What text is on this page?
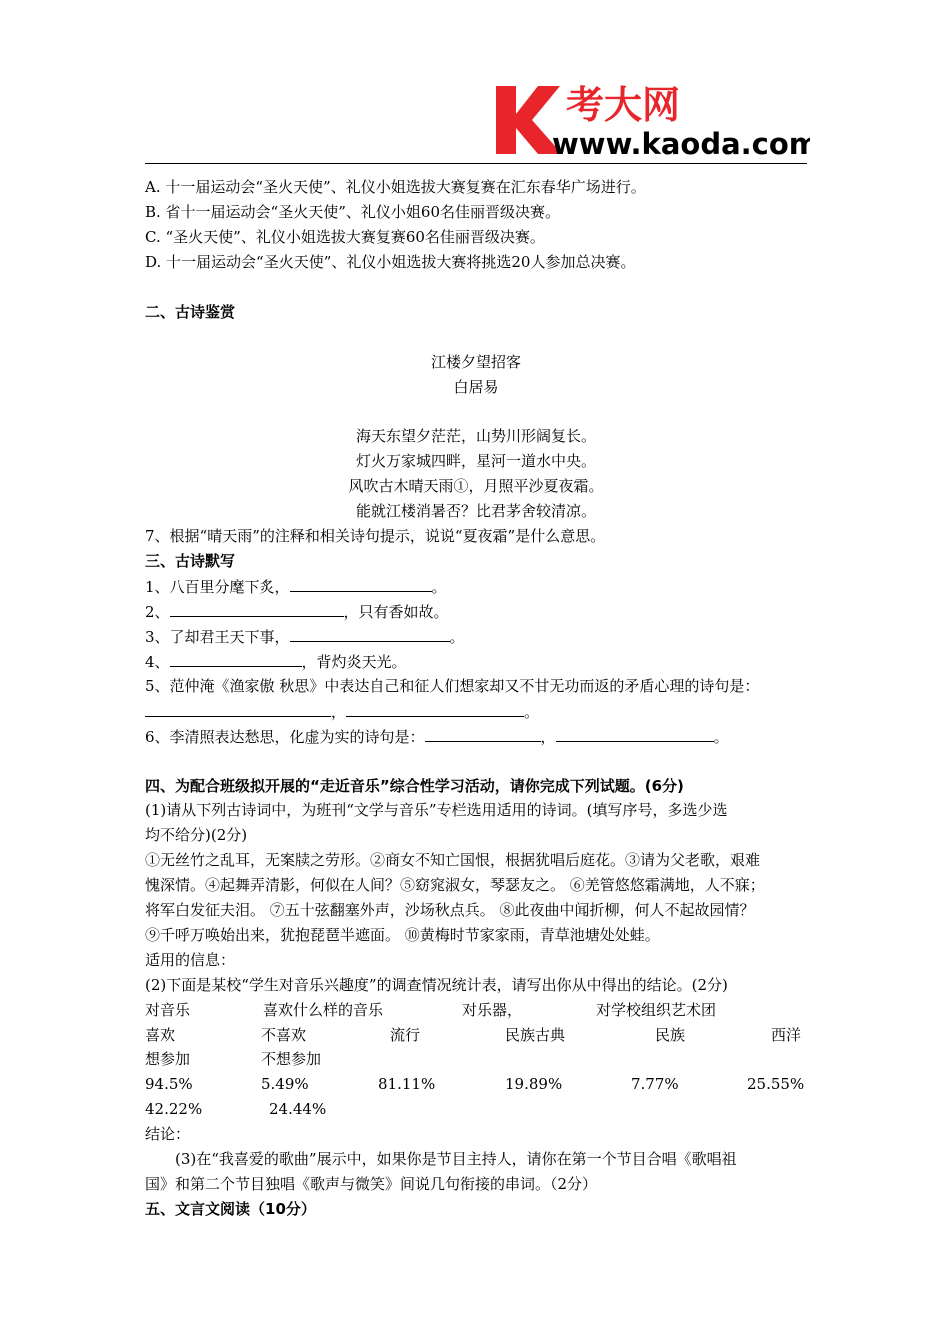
考大网
www.kaoda.com
A. 十一届运动会“圣火天使”、礼仪小姐选拔大赛复赛在汇东春华广场进行。
B. 省十一届运动会“圣火天使”、礼仪小姐60名佳丽晋级决赛。
C. “圣火天使”、礼仪小姐选拔大赛复赛60名佳丽晋级决赛。
D. 十一届运动会“圣火天使”、礼仪小姐选拔大赛将挑选20人参加总决赛。
二、古诗鉴赏
江楼夕望招客
白居易
海天东望夕茫茫，山势川形阔复长。
灯火万家城四畔，星河一道水中央。
风吹古木晴天雨①，月照平沙夏夜霜。
能就江楼消暑否？比君茅舍较清凉。
7、根据“晴天雨”的注释和相关诗句提示，说说“夏夜霜”是什么意思。
三、古诗默写
1、八百里分麾下炙，	。
2、	，只有香如故。
3、了却君王天下事，	。
4、	，背灼炎天光。
5、范仲淹《渔家傲 秋思》中表达自己和征人们想家却又不甘无功而返的矛盾心理的诗句是：
，	。
6、李清照表达愁思，化虚为实的诗句是：	，	。
四、为配合班级拟开展的“走近音乐”综合性学习活动，请你完成下列试题。(6分)
(1)请从下列古诗词中，为班刊“文学与音乐”专栏选用适用的诗词。(填写序号，多选少选
均不给分)(2分)
①无丝竹之乱耳，无案牍之劳形。②商女不知亡国恨，根据犹唱后庭花。③请为父老歌，艰难
愧深情。④起舞弄清影，何似在人间？⑤窈窕淑女，琴瑟友之。 ⑥羌管悠悠霜满地，人不寐；
将军白发征夫泪。 ⑦五十弦翻塞外声，沙场秋点兵。 ⑧此夜曲中闻折柳，何人不起故园情？
⑨千呼万唤始出来，犹抱琵琶半遮面。 ⑩黄梅时节家家雨，青草池塘处处蛙。
适用的信息：
(2)下面是某校“学生对音乐兴趣度”的调查情况统计表，请写出你从中得出的结论。(2分)
对音乐	喜欢什么样的音乐	对乐器，	对学校组织艺术团
喜欢	不喜欢	流行	民族古典	民族	西洋
想参加	不想参加
94.5%	5.49%	81.11%	19.89%	7.77%	25.55%
42.22%	24.44%
结论：
(3)在“我喜爱的歌曲”展示中，如果你是节目主持人，请你在第一个节目合唱《歌唱祖
国》和第二个节目独唱《歌声与微笑》间说几句衔接的串词。（2分）
五、文言文阅读（10分）
